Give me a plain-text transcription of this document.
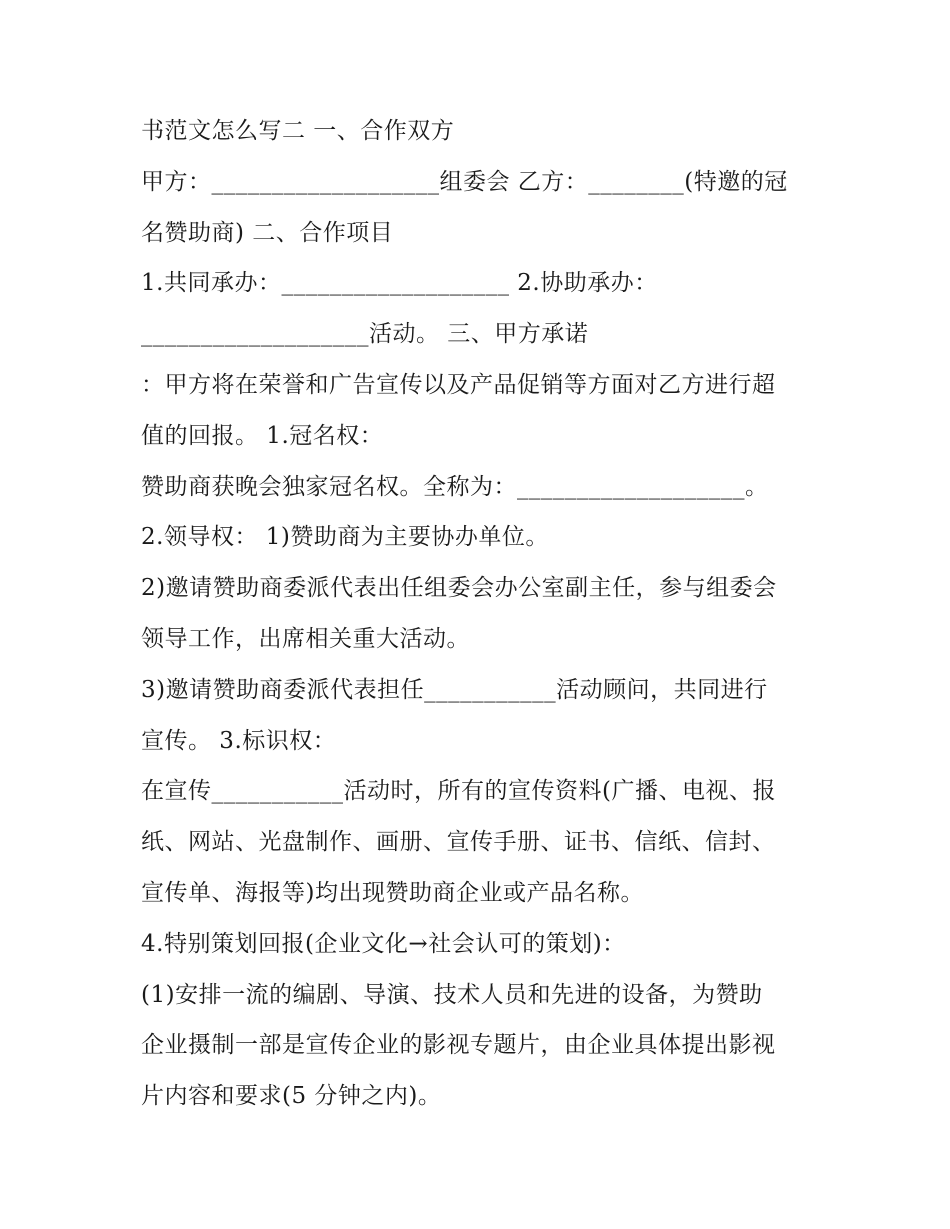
书范文怎么写二 一、合作双方
甲方：___________________组委会 乙方：________(特邀的冠
名赞助商) 二、合作项目
1.共同承办：___________________ 2.协助承办：
___________________活动。 三、甲方承诺
：甲方将在荣誉和广告宣传以及产品促销等方面对乙方进行超
值的回报。 1.冠名权：
赞助商获晚会独家冠名权。全称为：___________________。
2.领导权： 1)赞助商为主要协办单位。
2)邀请赞助商委派代表出任组委会办公室副主任，参与组委会
领导工作，出席相关重大活动。
3)邀请赞助商委派代表担任___________活动顾问，共同进行
宣传。 3.标识权：
在宣传___________活动时，所有的宣传资料(广播、电视、报
纸、网站、光盘制作、画册、宣传手册、证书、信纸、信封、
宣传单、海报等)均出现赞助商企业或产品名称。
4.特别策划回报(企业文化→社会认可的策划)：
(1)安排一流的编剧、导演、技术人员和先进的设备，为赞助
企业摄制一部是宣传企业的影视专题片，由企业具体提出影视
片内容和要求(5 分钟之内)。
